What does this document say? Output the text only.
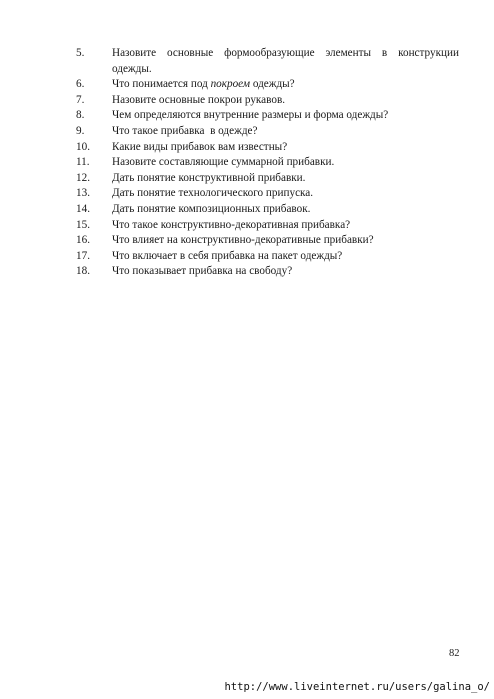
5. Назовите основные формообразующие элементы в конструкции одежды.
6. Что понимается под покроем одежды?
7. Назовите основные покрои рукавов.
8. Чем определяются внутренние размеры и форма одежды?
9. Что такое прибавка  в одежде?
10. Какие виды прибавок вам известны?
11. Назовите составляющие суммарной прибавки.
12. Дать понятие конструктивной прибавки.
13. Дать понятие технологического припуска.
14. Дать понятие композиционных прибавок.
15. Что такое конструктивно-декоративная прибавка?
16. Что влияет на конструктивно-декоративные прибавки?
17. Что включает в себя прибавка на пакет одежды?
18. Что показывает прибавка на свободу?
82
http://www.liveinternet.ru/users/galina_o/
